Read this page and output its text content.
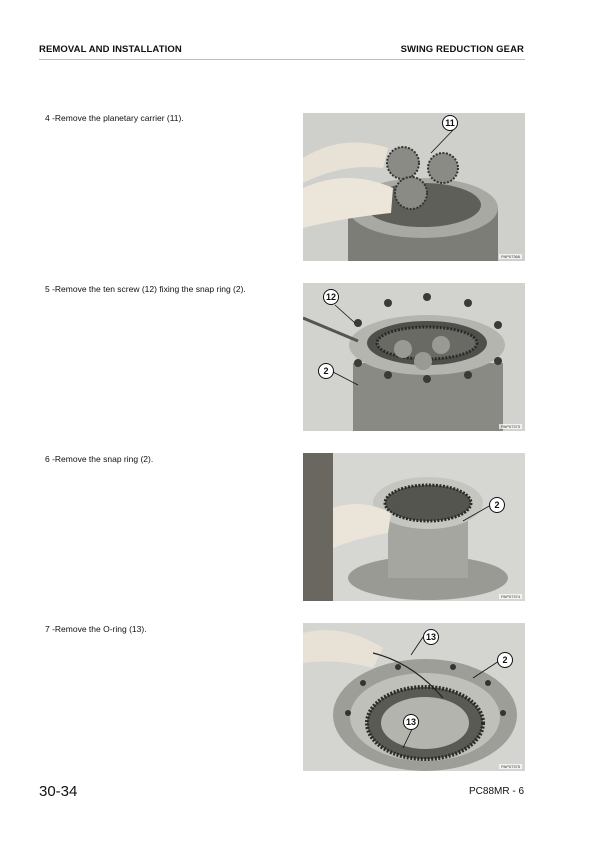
REMOVAL AND INSTALLATION	SWING REDUCTION GEAR
4 -Remove the planetary carrier (11).
PAP07366
11
5 -Remove the ten screw (12) fixing the snap ring (2).
PAP07373
12
2
6 -Remove the snap ring (2).
PAP07374
2
7 -Remove the O-ring (13).
PAP07375
13
2
13
30-34	PC88MR - 6
